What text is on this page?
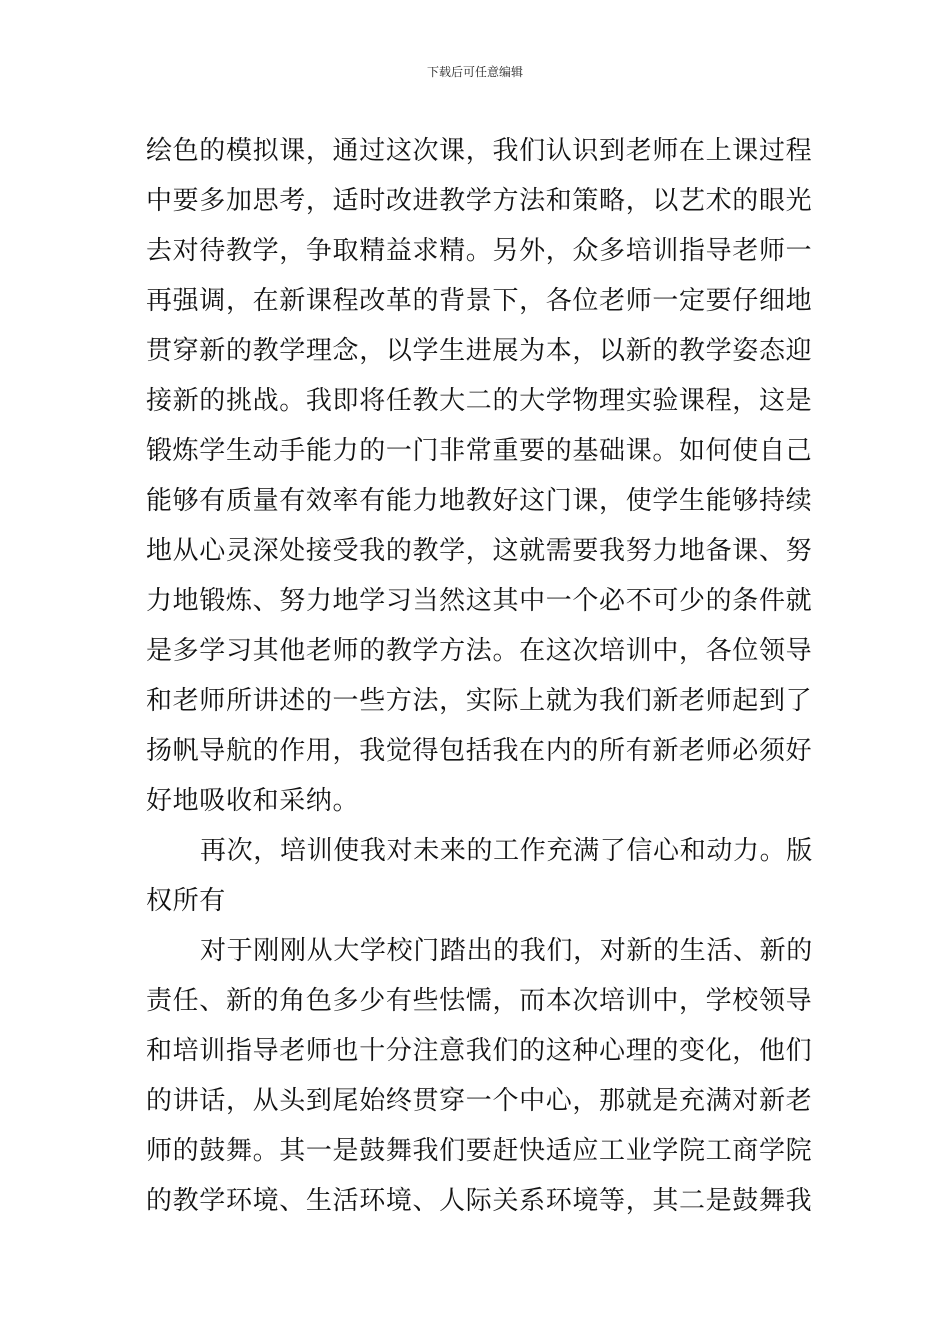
下载后可任意编辑
绘色的模拟课，通过这次课，我们认识到老师在上课过程
中要多加思考，适时改进教学方法和策略，以艺术的眼光
去对待教学，争取精益求精。另外，众多培训指导老师一
再强调，在新课程改革的背景下，各位老师一定要仔细地
贯穿新的教学理念，以学生进展为本，以新的教学姿态迎
接新的挑战。我即将任教大二的大学物理实验课程，这是
锻炼学生动手能力的一门非常重要的基础课。如何使自己
能够有质量有效率有能力地教好这门课，使学生能够持续
地从心灵深处接受我的教学，这就需要我努力地备课、努
力地锻炼、努力地学习当然这其中一个必不可少的条件就
是多学习其他老师的教学方法。在这次培训中，各位领导
和老师所讲述的一些方法，实际上就为我们新老师起到了
扬帆导航的作用，我觉得包括我在内的所有新老师必须好
好地吸收和采纳。
再次，培训使我对未来的工作充满了信心和动力。版
权所有
对于刚刚从大学校门踏出的我们，对新的生活、新的
责任、新的角色多少有些怯懦，而本次培训中，学校领导
和培训指导老师也十分注意我们的这种心理的变化，他们
的讲话，从头到尾始终贯穿一个中心，那就是充满对新老
师的鼓舞。其一是鼓舞我们要赶快适应工业学院工商学院
的教学环境、生活环境、人际关系环境等，其二是鼓舞我
